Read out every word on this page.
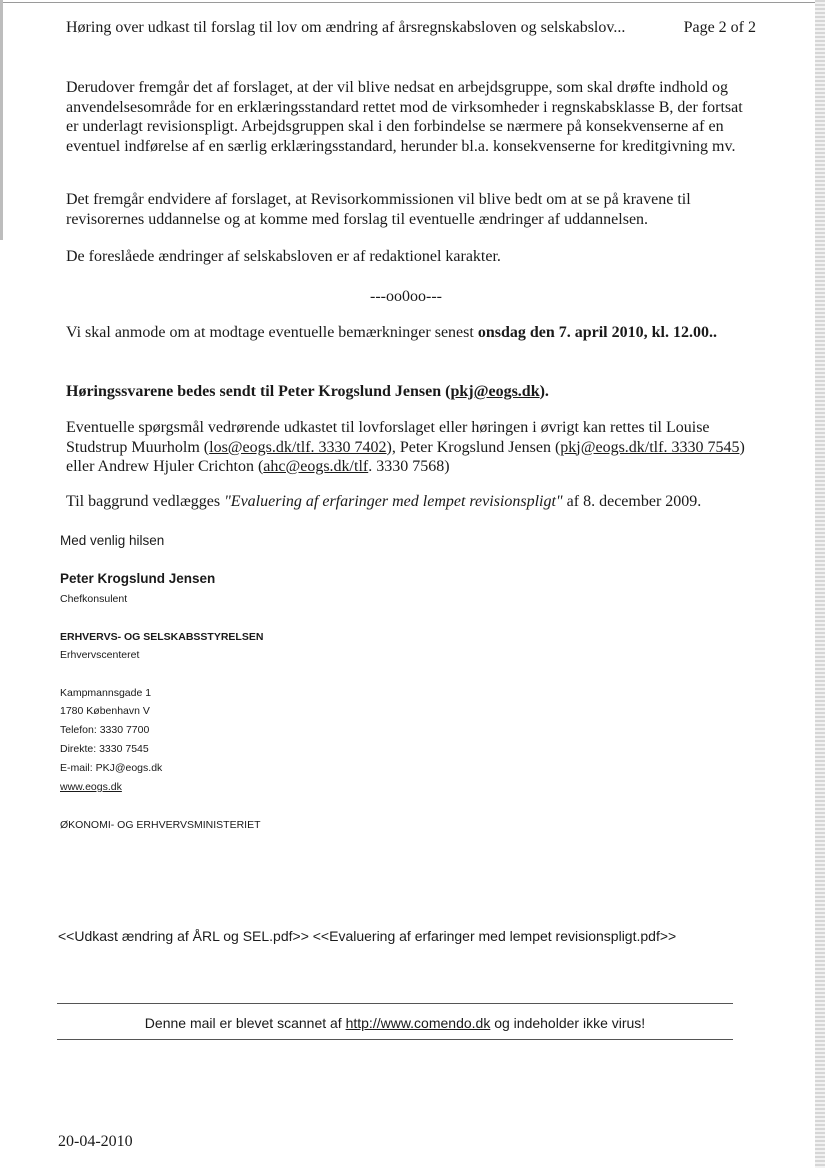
Høring over udkast til forslag til lov om ændring af årsregnskabsloven og selskabslov...	Page 2 of 2
Derudover fremgår det af forslaget, at der vil blive nedsat en arbejdsgruppe, som skal drøfte indhold og anvendelsesområde for en erklæringsstandard rettet mod de virksomheder i regnskabsklasse B, der fortsat er underlagt revisionspligt. Arbejdsgruppen skal i den forbindelse se nærmere på konsekvenserne af en eventuel indførelse af en særlig erklæringsstandard, herunder bl.a. konsekvenserne for kreditgivning mv.
Det fremgår endvidere af forslaget, at Revisorkommissionen vil blive bedt om at se på kravene til revisorernes uddannelse og at komme med forslag til eventuelle ændringer af uddannelsen.
De foreslåede ændringer af selskabsloven er af redaktionel karakter.
---oo0oo---
Vi skal anmode om at modtage eventuelle bemærkninger senest onsdag den 7. april 2010, kl. 12.00..
Høringssvarene bedes sendt til Peter Krogslund Jensen (pkj@eogs.dk).
Eventuelle spørgsmål vedrørende udkastet til lovforslaget eller høringen i øvrigt kan rettes til Louise Studstrup Muurholm (los@eogs.dk/tlf. 3330 7402), Peter Krogslund Jensen (pkj@eogs.dk/tlf. 3330 7545) eller Andrew Hjuler Crichton (ahc@eogs.dk/tlf. 3330 7568)
Til baggrund vedlægges "Evaluering af erfaringer med lempet revisionspligt" af 8. december 2009.
Med venlig hilsen
Peter Krogslund Jensen
Chefkonsulent
ERHVERVS- OG SELSKABSSTYRELSEN
Erhvervscenteret
Kampmannsgade 1
1780 København V
Telefon: 3330 7700
Direkte: 3330 7545
E-mail: PKJ@eogs.dk
www.eogs.dk
ØKONOMI- OG ERHVERVSMINISTERIET
<<Udkast ændring af ÅRL og SEL.pdf>> <<Evaluering af erfaringer med lempet revisionspligt.pdf>>
Denne mail er blevet scannet af http://www.comendo.dk og indeholder ikke virus!
20-04-2010
